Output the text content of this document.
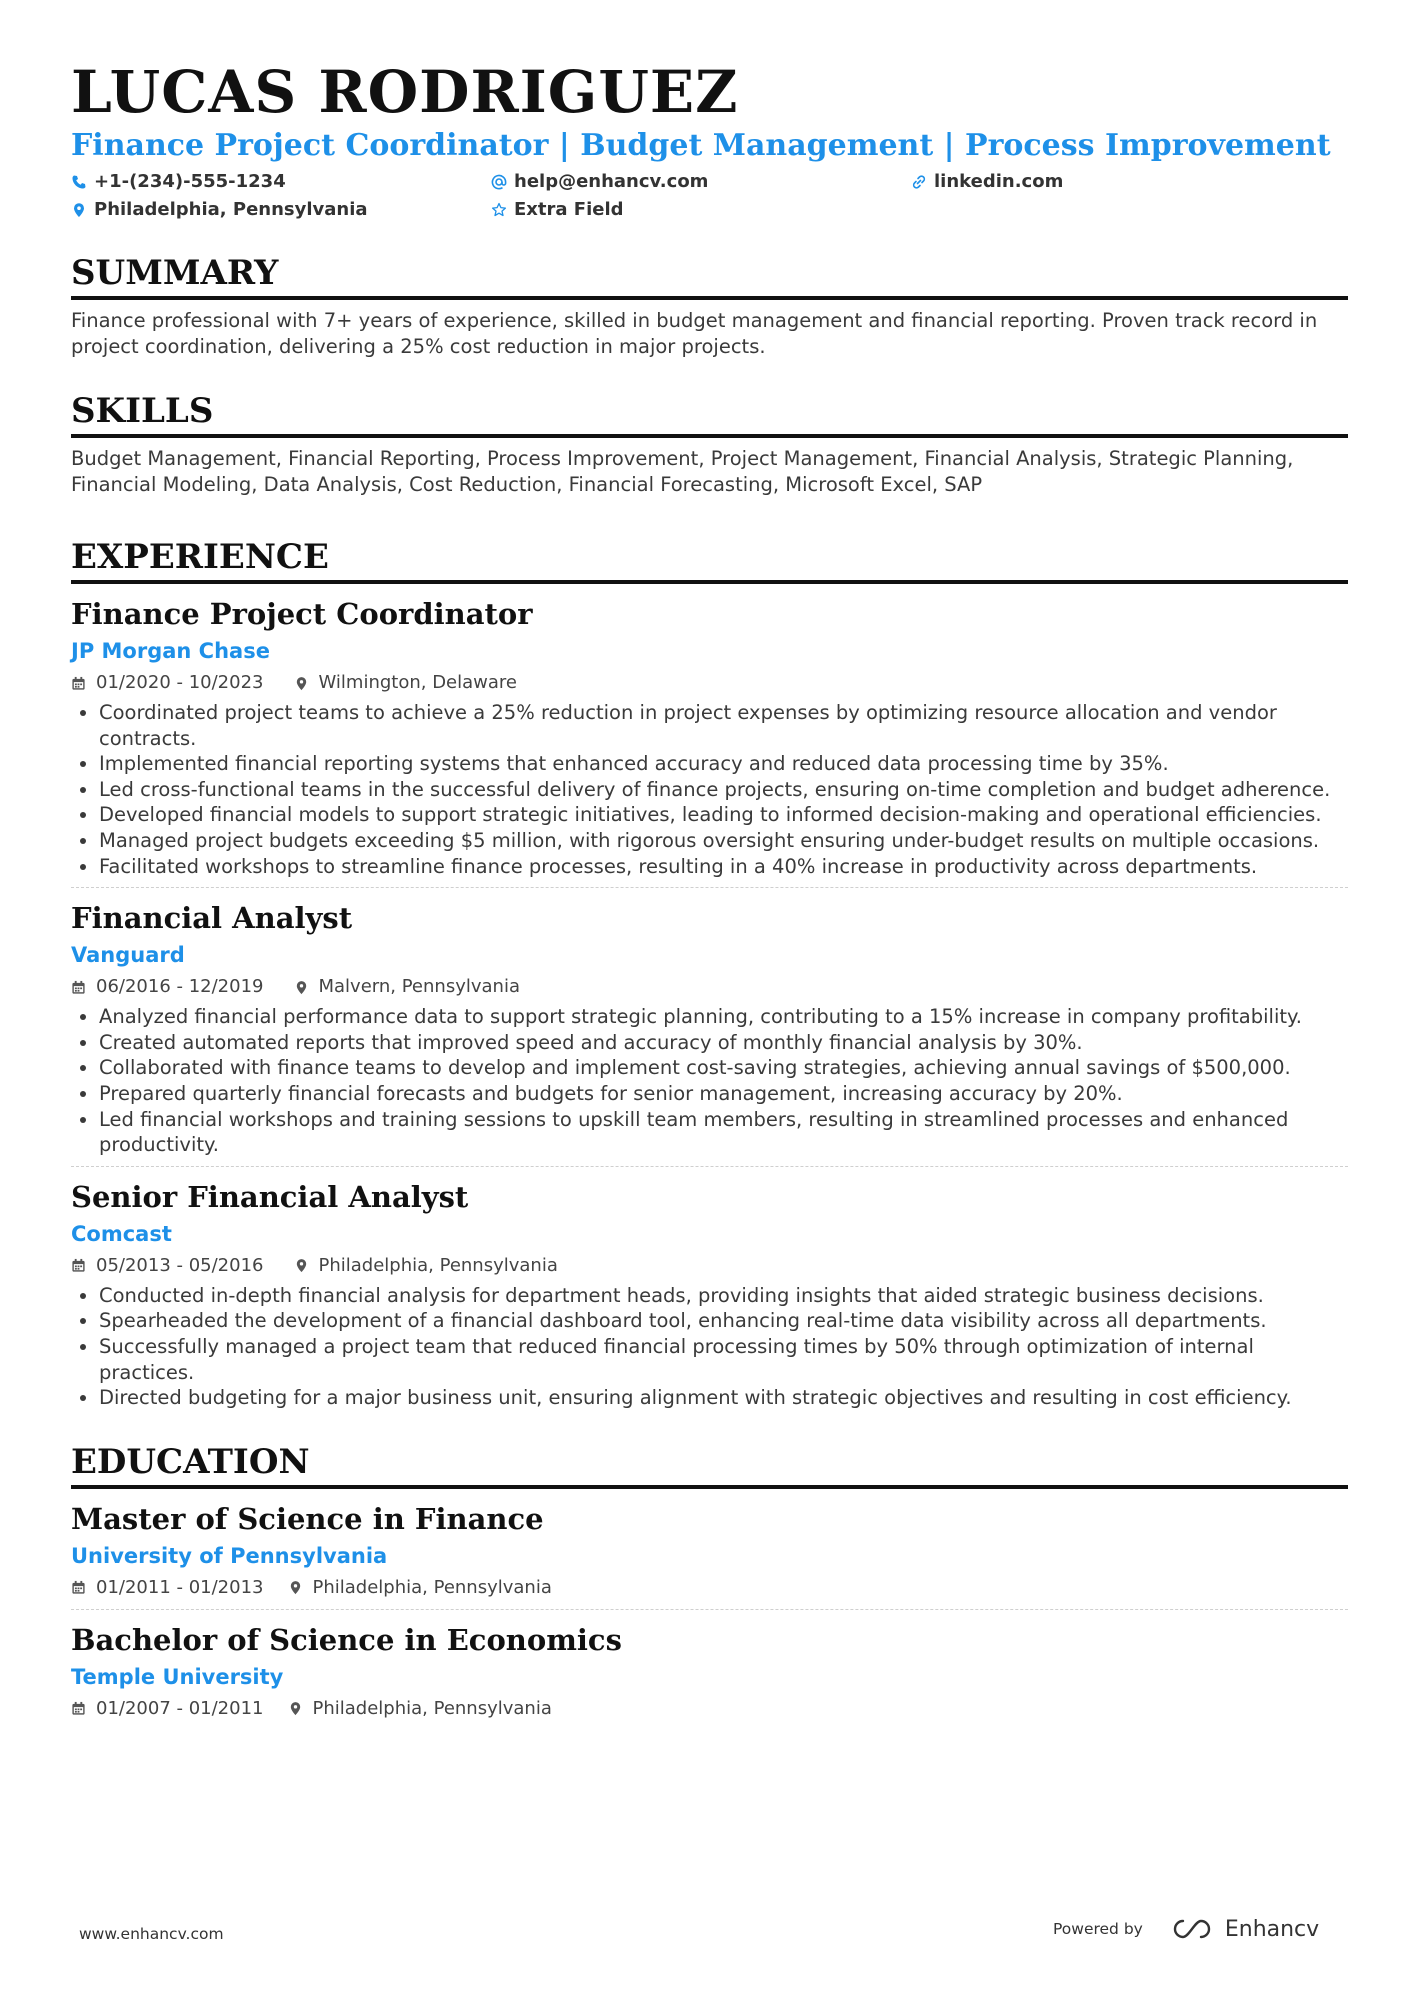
LUCAS RODRIGUEZ

Finance Project Coordinator | Budget Management | Process Improvement

+1-(234)-555-1234	help@enhancv.com	linkedin.com
Philadelphia, Pennsylvania	Extra Field
SUMMARY

Finance professional with 7+ years of experience, skilled in budget management and financial reporting. Proven track record in project coordination, delivering a 25% cost reduction in major projects.

SKILLS

Budget Management, Financial Reporting, Process Improvement, Project Management, Financial Analysis, Strategic Planning, Financial Modeling, Data Analysis, Cost Reduction, Financial Forecasting, Microsoft Excel, SAP

EXPERIENCE
Finance Project Coordinator

JP Morgan Chase

01/2020 - 10/2023	Wilmington, Delaware
• Coordinated project teams to achieve a 25% reduction in project expenses by optimizing resource allocation and vendor contracts.
• Implemented financial reporting systems that enhanced accuracy and reduced data processing time by 35%.
• Led cross-functional teams in the successful delivery of finance projects, ensuring on-time completion and budget adherence.
• Developed financial models to support strategic initiatives, leading to informed decision-making and operational efficiencies.
• Managed project budgets exceeding $5 million, with rigorous oversight ensuring under-budget results on multiple occasions.
• Facilitated workshops to streamline finance processes, resulting in a 40% increase in productivity across departments.
Financial Analyst

Vanguard

06/2016 - 12/2019	Malvern, Pennsylvania
• Analyzed financial performance data to support strategic planning, contributing to a 15% increase in company profitability.
• Created automated reports that improved speed and accuracy of monthly financial analysis by 30%.
• Collaborated with finance teams to develop and implement cost-saving strategies, achieving annual savings of $500,000.
• Prepared quarterly financial forecasts and budgets for senior management, increasing accuracy by 20%.
• Led financial workshops and training sessions to upskill team members, resulting in streamlined processes and enhanced productivity.
Senior Financial Analyst

Comcast

05/2013 - 05/2016	Philadelphia, Pennsylvania
• Conducted in-depth financial analysis for department heads, providing insights that aided strategic business decisions.
• Spearheaded the development of a financial dashboard tool, enhancing real-time data visibility across all departments.
• Successfully managed a project team that reduced financial processing times by 50% through optimization of internal practices.
• Directed budgeting for a major business unit, ensuring alignment with strategic objectives and resulting in cost efficiency.
EDUCATION
Master of Science in Finance

University of Pennsylvania

01/2011 - 01/2013	Philadelphia, Pennsylvania
Bachelor of Science in Economics

Temple University

01/2007 - 01/2011	Philadelphia, Pennsylvania
www.enhancv.com	Powered by	Enhancv
